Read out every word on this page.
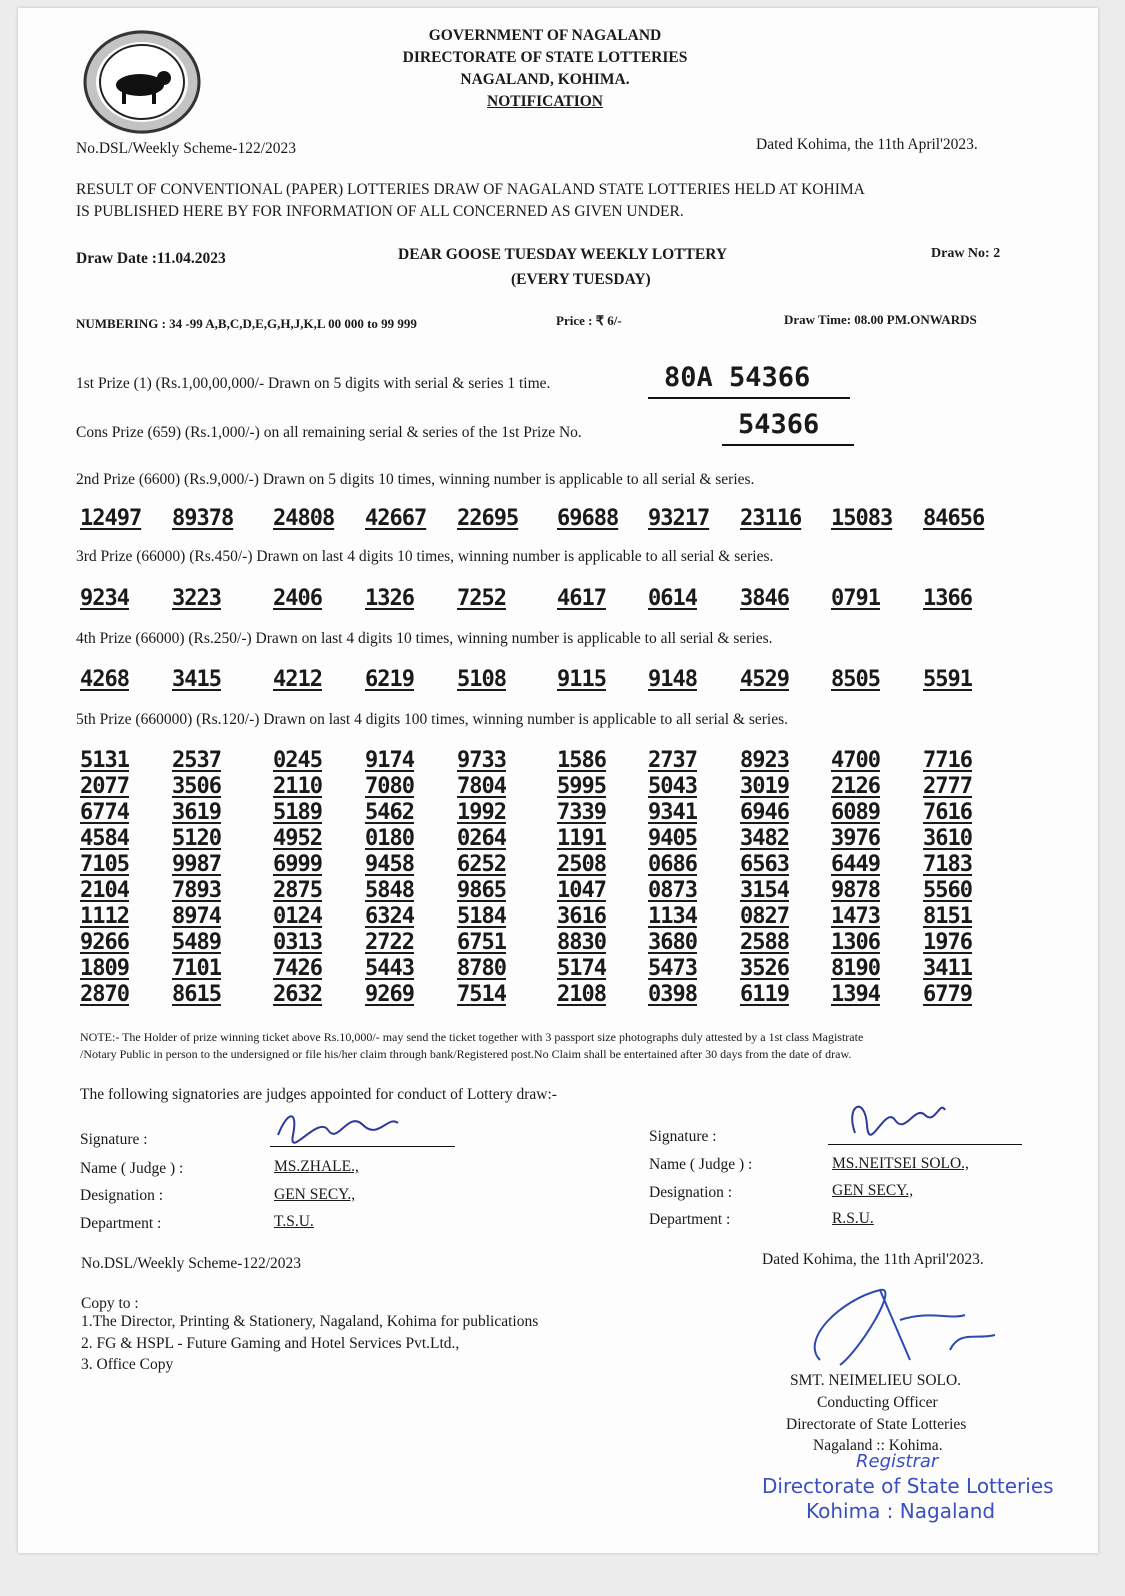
GOVERNMENT OF NAGALAND
DIRECTORATE OF STATE LOTTERIES
NAGALAND, KOHIMA.
NOTIFICATION
No.DSL/Weekly Scheme-122/2023	Dated Kohima, the 11th April'2023.
RESULT OF CONVENTIONAL (PAPER) LOTTERIES DRAW OF NAGALAND STATE LOTTERIES HELD AT KOHIMA
IS PUBLISHED HERE BY FOR INFORMATION OF ALL CONCERNED AS GIVEN UNDER.
Draw Date :11.04.2023	DEAR GOOSE TUESDAY WEEKLY LOTTERY
(EVERY TUESDAY)
Draw No: 2
NUMBERING : 34 -99 A,B,C,D,E,G,H,J,K,L 00 000 to 99 999	Price : ₹ 6/-	Draw Time: 08.00 PM.ONWARDS
1st Prize (1) (Rs.1,00,00,000/- Drawn on 5 digits with serial & series 1 time.	80A 54366
Cons Prize (659) (Rs.1,000/-) on all remaining serial & series of the 1st Prize No.	54366
2nd Prize (6600) (Rs.9,000/-) Drawn on 5 digits 10 times, winning number is applicable to all serial & series.
12497 89378 24808 42667 22695 69688 93217 23116 15083 84656
3rd Prize (66000) (Rs.450/-) Drawn on last 4 digits 10 times, winning number is applicable to all serial & series.
9234 3223 2406 1326 7252 4617 0614 3846 0791 1366
4th Prize (66000) (Rs.250/-) Drawn on last 4 digits 10 times, winning number is applicable to all serial & series.
4268 3415 4212 6219 5108 9115 9148 4529 8505 5591
5th Prize (660000) (Rs.120/-) Drawn on last 4 digits 100 times, winning number is applicable to all serial & series.
5131 2537 0245 9174 9733 1586 2737 8923 4700 7716
2077 3506 2110 7080 7804 5995 5043 3019 2126 2777
6774 3619 5189 5462 1992 7339 9341 6946 6089 7616
4584 5120 4952 0180 0264 1191 9405 3482 3976 3610
7105 9987 6999 9458 6252 2508 0686 6563 6449 7183
2104 7893 2875 5848 9865 1047 0873 3154 9878 5560
1112 8974 0124 6324 5184 3616 1134 0827 1473 8151
9266 5489 0313 2722 6751 8830 3680 2588 1306 1976
1809 7101 7426 5443 8780 5174 5473 3526 8190 3411
2870 8615 2632 9269 7514 2108 0398 6119 1394 6779
NOTE:- The Holder of prize winning ticket above Rs.10,000/- may send the ticket together with 3 passport size photographs duly attested by a 1st class Magistrate
/Notary Public in person to the undersigned or file his/her claim through bank/Registered post.No Claim shall be entertained after 30 days from the date of draw.
The following signatories are judges appointed for conduct of Lottery draw:-
Signature :
Name ( Judge ) :	MS.ZHALE.,
Designation :	GEN SECY.,
Department :	T.S.U.
Signature :
Name ( Judge ) :	MS.NEITSEI SOLO.,
Designation :	GEN SECY.,
Department :	R.S.U.
No.DSL/Weekly Scheme-122/2023	Dated Kohima, the 11th April'2023.
Copy to :
1.The Director, Printing & Stationery, Nagaland, Kohima for publications
2. FG & HSPL - Future Gaming and Hotel Services Pvt.Ltd.,
3. Office Copy
SMT. NEIMELIEU SOLO.
Conducting Officer
Directorate of State Lotteries
Nagaland :: Kohima.
Registrar
Directorate of State Lotteries
Kohima : Nagaland
